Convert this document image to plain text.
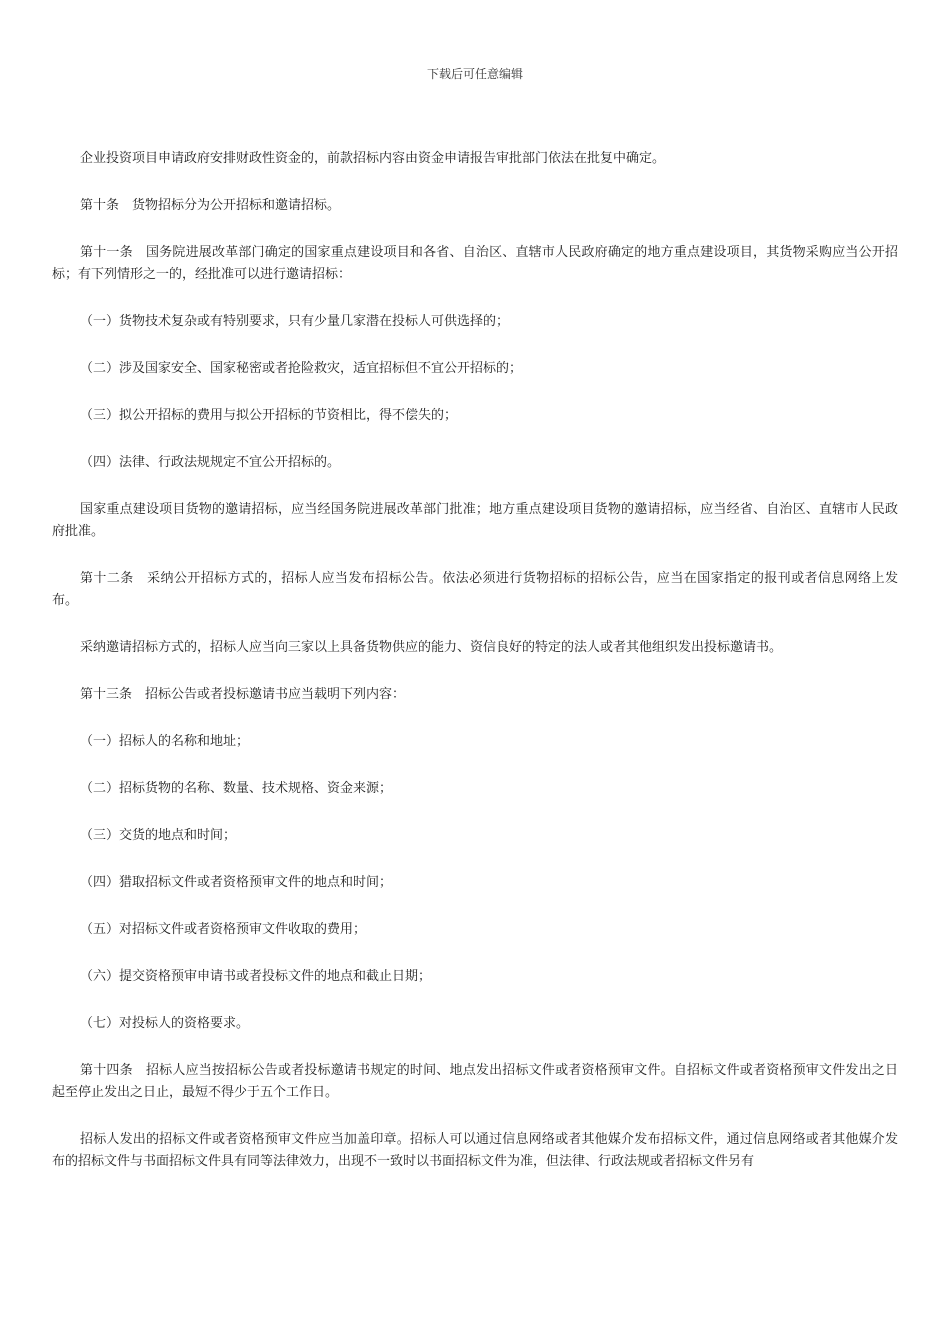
下载后可任意编辑

企业投资项目申请政府安排财政性资金的，前款招标内容由资金申请报告审批部门依法在批复中确定。

第十条　货物招标分为公开招标和邀请招标。

第十一条　国务院进展改革部门确定的国家重点建设项目和各省、自治区、直辖市人民政府确定的地方重点建设项目，其货物采购应当公开招标；有下列情形之一的，经批准可以进行邀请招标：

（一）货物技术复杂或有特别要求，只有少量几家潜在投标人可供选择的；

（二）涉及国家安全、国家秘密或者抢险救灾，适宜招标但不宜公开招标的；

（三）拟公开招标的费用与拟公开招标的节资相比，得不偿失的；

（四）法律、行政法规规定不宜公开招标的。

国家重点建设项目货物的邀请招标，应当经国务院进展改革部门批准；地方重点建设项目货物的邀请招标，应当经省、自治区、直辖市人民政府批准。

第十二条　采纳公开招标方式的，招标人应当发布招标公告。依法必须进行货物招标的招标公告，应当在国家指定的报刊或者信息网络上发布。

采纳邀请招标方式的，招标人应当向三家以上具备货物供应的能力、资信良好的特定的法人或者其他组织发出投标邀请书。

第十三条　招标公告或者投标邀请书应当载明下列内容：

（一）招标人的名称和地址；

（二）招标货物的名称、数量、技术规格、资金来源；

（三）交货的地点和时间；

（四）猎取招标文件或者资格预审文件的地点和时间；

（五）对招标文件或者资格预审文件收取的费用；

（六）提交资格预审申请书或者投标文件的地点和截止日期；

（七）对投标人的资格要求。

第十四条　招标人应当按招标公告或者投标邀请书规定的时间、地点发出招标文件或者资格预审文件。自招标文件或者资格预审文件发出之日起至停止发出之日止，最短不得少于五个工作日。

招标人发出的招标文件或者资格预审文件应当加盖印章。招标人可以通过信息网络或者其他媒介发布招标文件，通过信息网络或者其他媒介发布的招标文件与书面招标文件具有同等法律效力，出现不一致时以书面招标文件为准，但法律、行政法规或者招标文件另有
